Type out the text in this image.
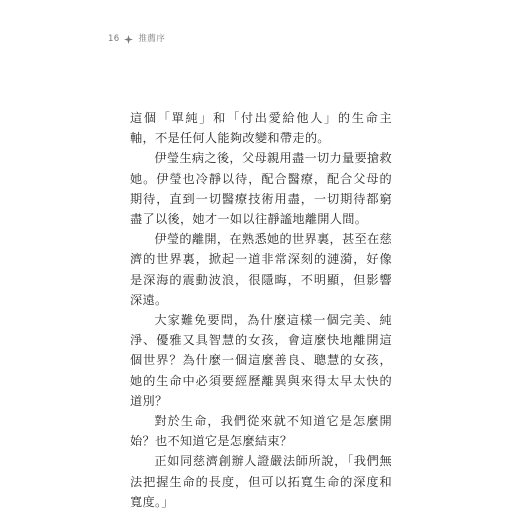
16 推薦序

這個「單純」和「付出愛給他人」的生命主軸，不是任何人能夠改變和帶走的。

伊瑩生病之後，父母親用盡一切力量要搶救她。伊瑩也冷靜以待，配合醫療，配合父母的期待，直到一切醫療技術用盡，一切期待都窮盡了以後，她才一如以往靜謐地離開人間。

伊瑩的離開，在熟悉她的世界裏，甚至在慈濟的世界裏，掀起一道非常深刻的漣漪，好像是深海的震動波浪，很隱晦，不明顯，但影響深遠。

大家難免要問，為什麼這樣一個完美、純淨、優雅又具智慧的女孩，會這麼快地離開這個世界？為什麼一個這麼善良、聰慧的女孩，她的生命中必須要經歷離異與來得太早太快的道別？

對於生命，我們從來就不知道它是怎麼開始？也不知道它是怎麼結束？

正如同慈濟創辦人證嚴法師所說，「我們無法把握生命的長度，但可以拓寬生命的深度和寬度。」
